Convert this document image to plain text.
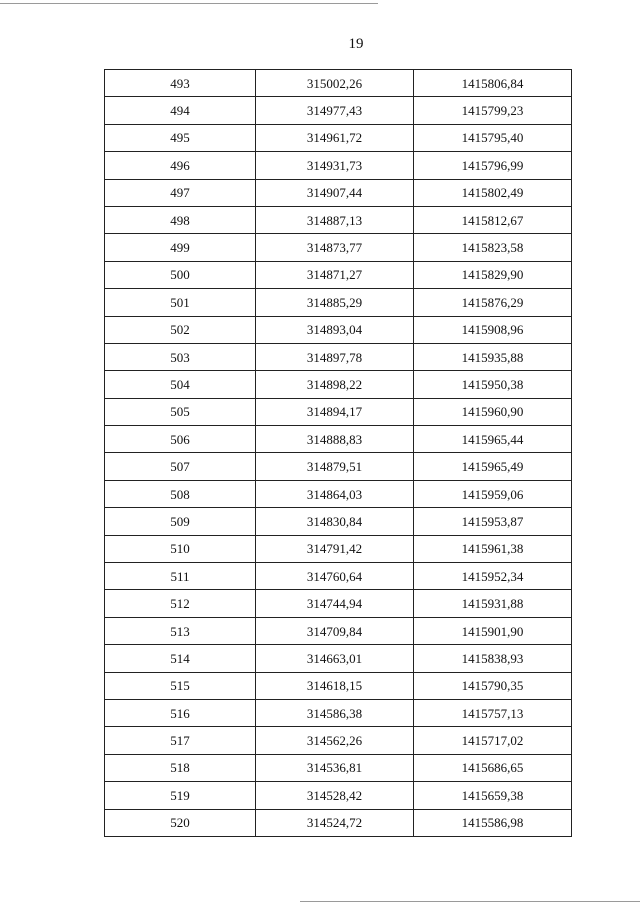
19
493	315002,26	1415806,84
494	314977,43	1415799,23
495	314961,72	1415795,40
496	314931,73	1415796,99
497	314907,44	1415802,49
498	314887,13	1415812,67
499	314873,77	1415823,58
500	314871,27	1415829,90
501	314885,29	1415876,29
502	314893,04	1415908,96
503	314897,78	1415935,88
504	314898,22	1415950,38
505	314894,17	1415960,90
506	314888,83	1415965,44
507	314879,51	1415965,49
508	314864,03	1415959,06
509	314830,84	1415953,87
510	314791,42	1415961,38
511	314760,64	1415952,34
512	314744,94	1415931,88
513	314709,84	1415901,90
514	314663,01	1415838,93
515	314618,15	1415790,35
516	314586,38	1415757,13
517	314562,26	1415717,02
518	314536,81	1415686,65
519	314528,42	1415659,38
520	314524,72	1415586,98
